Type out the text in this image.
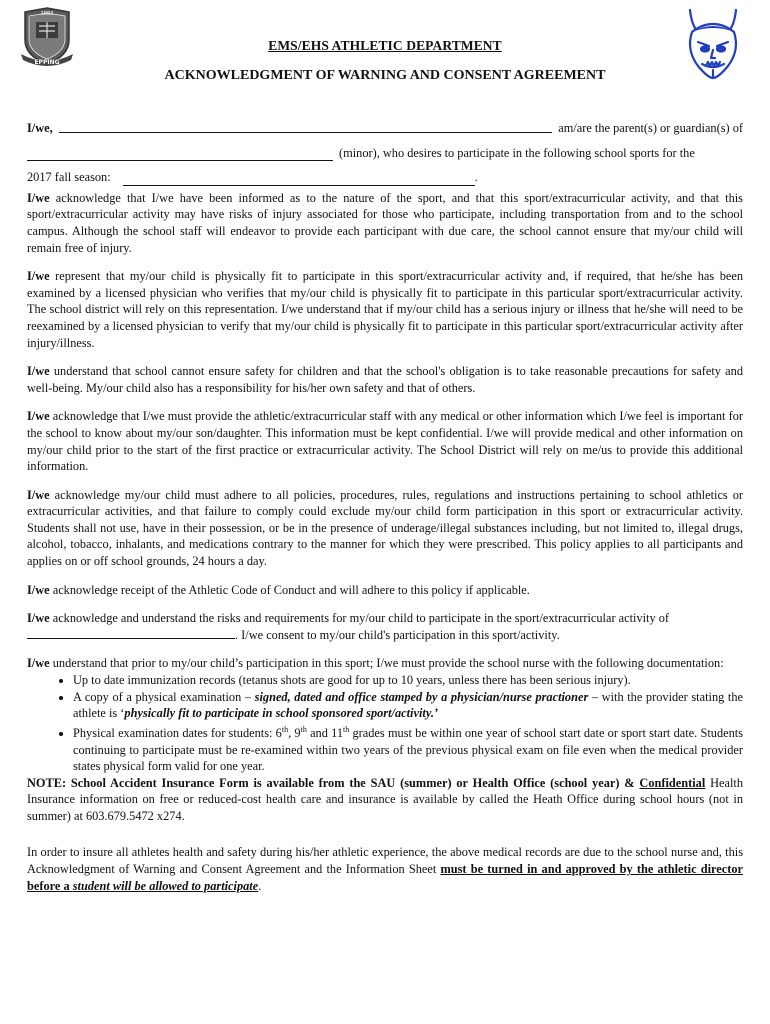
1883
EPPING
EMS/EHS ATHLETIC DEPARTMENT
ACKNOWLEDGMENT OF WARNING AND CONSENT AGREEMENT
I/we,	am/are the parent(s) or guardian(s) of
(minor), who desires to participate in the following school sports for the
2017 fall season:	.

I/we acknowledge that I/we have been informed as to the nature of the sport, and that this sport/extracurricular activity, and that this sport/extracurricular activity may have risks of injury associated for those who participate, including transportation from and to the school campus. Although the school staff will endeavor to provide each participant with due care, the school cannot ensure that my/our child will remain free of injury.

I/we represent that my/our child is physically fit to participate in this sport/extracurricular activity and, if required, that he/she has been examined by a licensed physician who verifies that my/our child is physically fit to participate in this particular sport/extracurricular activity. The school district will rely on this representation. I/we understand that if my/our child has a serious injury or illness that he/she will need to be reexamined by a licensed physician to verify that my/our child is physically fit to participate in this particular sport/extracurricular activity after injury/illness.

I/we understand that school cannot ensure safety for children and that the school's obligation is to take reasonable precautions for safety and well-being. My/our child also has a responsibility for his/her own safety and that of others.

I/we acknowledge that I/we must provide the athletic/extracurricular staff with any medical or other information which I/we feel is important for the school to know about my/our son/daughter. This information must be kept confidential. I/we will provide medical and other information on my/our child prior to the start of the first practice or extracurricular activity. The School District will rely on me/us to provide this additional information.

I/we acknowledge my/our child must adhere to all policies, procedures, rules, regulations and instructions pertaining to school athletics or extracurricular activities, and that failure to comply could exclude my/our child form participation in this sport or extracurricular activity. Students shall not use, have in their possession, or be in the presence of underage/illegal substances including, but not limited to, illegal drugs, alcohol, tobacco, inhalants, and medications contrary to the manner for which they were prescribed. This policy applies to all participants and applies on or off school grounds, 24 hours a day.

I/we acknowledge receipt of the Athletic Code of Conduct and will adhere to this policy if applicable.

I/we acknowledge and understand the risks and requirements for my/our child to participate in the sport/extracurricular activity of
. I/we consent to my/our child's participation in this sport/activity.

I/we understand that prior to my/our child’s participation in this sport; I/we must provide the school nurse with the following documentation:

• Up to date immunization records (tetanus shots are good for up to 10 years, unless there has been serious injury).
• A copy of a physical examination – signed, dated and office stamped by a physician/nurse practioner – with the provider stating the athlete is ‘physically fit to participate in school sponsored sport/activity.’
• Physical examination dates for students: 6th, 9th and 11th grades must be within one year of school start date or sport start date. Students continuing to participate must be re-examined within two years of the previous physical exam on file even when the medical provider states physical form valid for one year.

NOTE: School Accident Insurance Form is available from the SAU (summer) or Health Office (school year) & Confidential Health Insurance information on free or reduced-cost health care and insurance is available by called the Heath Office during school hours (not in summer) at 603.679.5472 x274.

In order to insure all athletes health and safety during his/her athletic experience, the above medical records are due to the school nurse and, this Acknowledgment of Warning and Consent Agreement and the Information Sheet must be turned in and approved by the athletic director before a student will be allowed to participate.
